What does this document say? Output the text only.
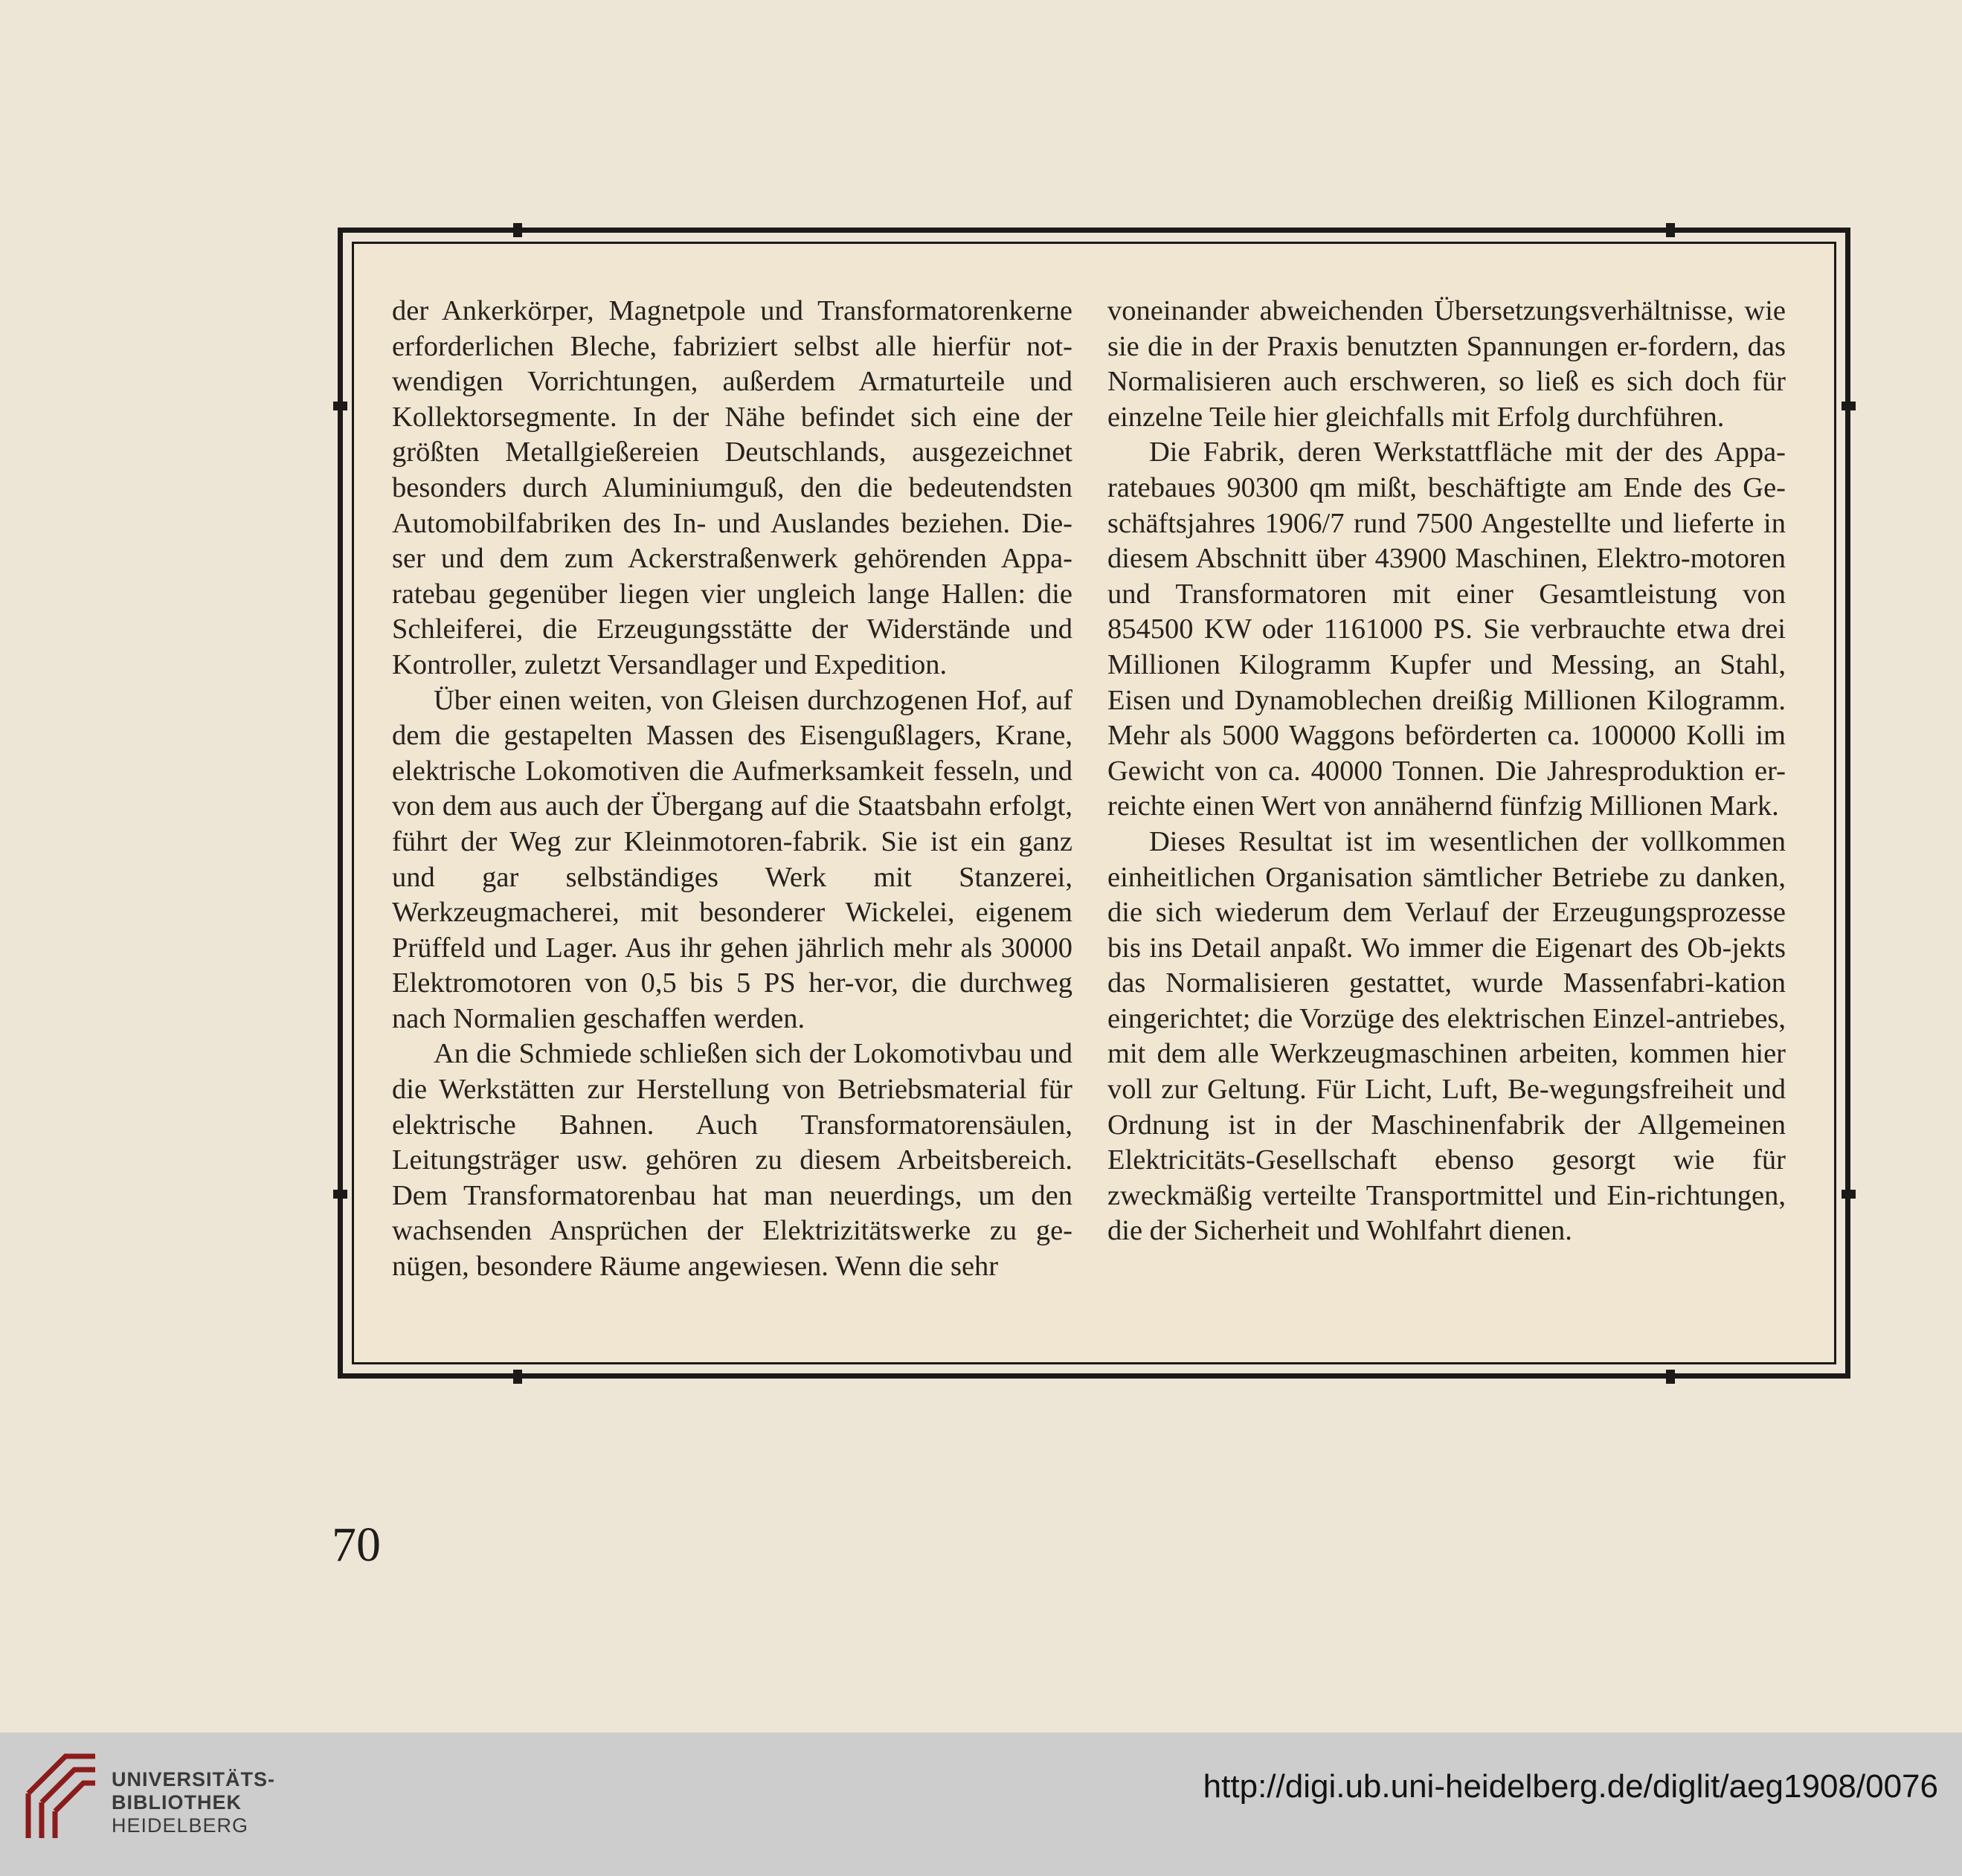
der Ankerkörper, Magnetpole und Transformatorenkerne erforderlichen Bleche, fabriziert selbst alle hierfür not-wendigen Vorrichtungen, außerdem Armaturteile und Kollektorsegmente. In der Nähe befindet sich eine der größten Metallgießereien Deutschlands, ausgezeichnet besonders durch Aluminiumguß, den die bedeutendsten Automobilfabriken des In- und Auslandes beziehen. Die-ser und dem zum Ackerstraßenwerk gehörenden Appa-ratebau gegenüber liegen vier ungleich lange Hallen: die Schleiferei, die Erzeugungsstätte der Widerstände und Kontroller, zuletzt Versandlager und Expedition.

Über einen weiten, von Gleisen durchzogenen Hof, auf dem die gestapelten Massen des Eisengußlagers, Krane, elektrische Lokomotiven die Aufmerksamkeit fesseln, und von dem aus auch der Übergang auf die Staatsbahn erfolgt, führt der Weg zur Kleinmotoren-fabrik. Sie ist ein ganz und gar selbständiges Werk mit Stanzerei, Werkzeugmacherei, mit besonderer Wickelei, eigenem Prüffeld und Lager. Aus ihr gehen jährlich mehr als 30000 Elektromotoren von 0,5 bis 5 PS her-vor, die durchweg nach Normalien geschaffen werden.

An die Schmiede schließen sich der Lokomotivbau und die Werkstätten zur Herstellung von Betriebsmaterial für elektrische Bahnen. Auch Transformatorensäulen, Leitungsträger usw. gehören zu diesem Arbeitsbereich. Dem Transformatorenbau hat man neuerdings, um den wachsenden Ansprüchen der Elektrizitätswerke zu ge-nügen, besondere Räume angewiesen. Wenn die sehr

voneinander abweichenden Übersetzungsverhältnisse, wie sie die in der Praxis benutzten Spannungen er-fordern, das Normalisieren auch erschweren, so ließ es sich doch für einzelne Teile hier gleichfalls mit Erfolg durchführen.

Die Fabrik, deren Werkstattfläche mit der des Appa-ratebaues 90300 qm mißt, beschäftigte am Ende des Ge-schäftsjahres 1906/7 rund 7500 Angestellte und lieferte in diesem Abschnitt über 43900 Maschinen, Elektro-motoren und Transformatoren mit einer Gesamtleistung von 854500 KW oder 1161000 PS. Sie verbrauchte etwa drei Millionen Kilogramm Kupfer und Messing, an Stahl, Eisen und Dynamoblechen dreißig Millionen Kilogramm. Mehr als 5000 Waggons beförderten ca. 100000 Kolli im Gewicht von ca. 40000 Tonnen. Die Jahresproduktion er-reichte einen Wert von annähernd fünfzig Millionen Mark.

Dieses Resultat ist im wesentlichen der vollkommen einheitlichen Organisation sämtlicher Betriebe zu danken, die sich wiederum dem Verlauf der Erzeugungsprozesse bis ins Detail anpaßt. Wo immer die Eigenart des Ob-jekts das Normalisieren gestattet, wurde Massenfabri-kation eingerichtet; die Vorzüge des elektrischen Einzel-antriebes, mit dem alle Werkzeugmaschinen arbeiten, kommen hier voll zur Geltung. Für Licht, Luft, Be-wegungsfreiheit und Ordnung ist in der Maschinenfabrik der Allgemeinen Elektricitäts-Gesellschaft ebenso gesorgt wie für zweckmäßig verteilte Transportmittel und Ein-richtungen, die der Sicherheit und Wohlfahrt dienen.

70
UNIVERSITÄTS-
BIBLIOTHEK
HEIDELBERG
http://digi.ub.uni-heidelberg.de/diglit/aeg1908/0076
